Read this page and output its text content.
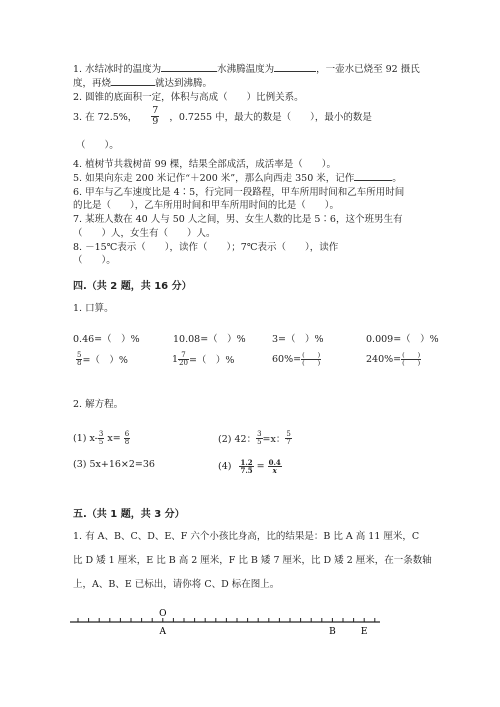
1. 水结冰时的温度为	水沸腾温度为	，一壶水已烧至 92 摄氏
度，再烧	就达到沸腾。
2. 圆锥的底面积一定，体积与高成（　　）比例关系。
3. 在 72.5%， $\frac{7}{9}$ ，0.7255 中，最大的数是（　　），最小的数是
（　　）。
4. 植树节共栽树苗 99 棵，结果全部成活，成活率是（　　）。
5. 如果向东走 200 米记作“＋200 米”，那么向西走 350 米，记作	。
6. 甲车与乙车速度比是 4∶5，行完同一段路程，甲车所用时间和乙车所用时间
的比是（　　），乙车所用时间和甲车所用时间的比是（　　）。
7. 某班人数在 40 人与 50 人之间，男、女生人数的比是 5∶6，这个班男生有
（　　）人，女生有（　　）人。
8. －15℃表示（　　），读作（　　）；7℃表示（　　），读作
（　　）。
四.（共 2 题，共 16 分）
1. 口算。
0.46=（　）%	10.08=（　）%	3=（　）%	0.009=（　）%
$\frac{5}{8}$ =（　）%	$1 \frac{7}{20}$ =（　）%	$60\%= \frac{( )}{( )}$	$240\%= \frac{( )}{( )}$
2. 解方程。
(1) $x- \frac{3}{5} x= \frac{6}{8}$	(2) 42： $\frac{3}{5} =x$： $\frac{5}{7}$
(3) 5x+16×2=36	$(4) \frac{1.2}{7.5} = \frac{0.4}{x}$
五.（共 1 题，共 3 分）
1. 有 A、B、C、D、E、F 六个小孩比身高，比的结果是：B 比 A 高 11 厘米，C
比 D 矮 1 厘米，E 比 B 高 2 厘米，F 比 B 矮 7 厘米，比 D 矮 2 厘米，在一条数轴
上，A、B、E 已标出，请你将 C、D 标在图上。
O
A	B	E
